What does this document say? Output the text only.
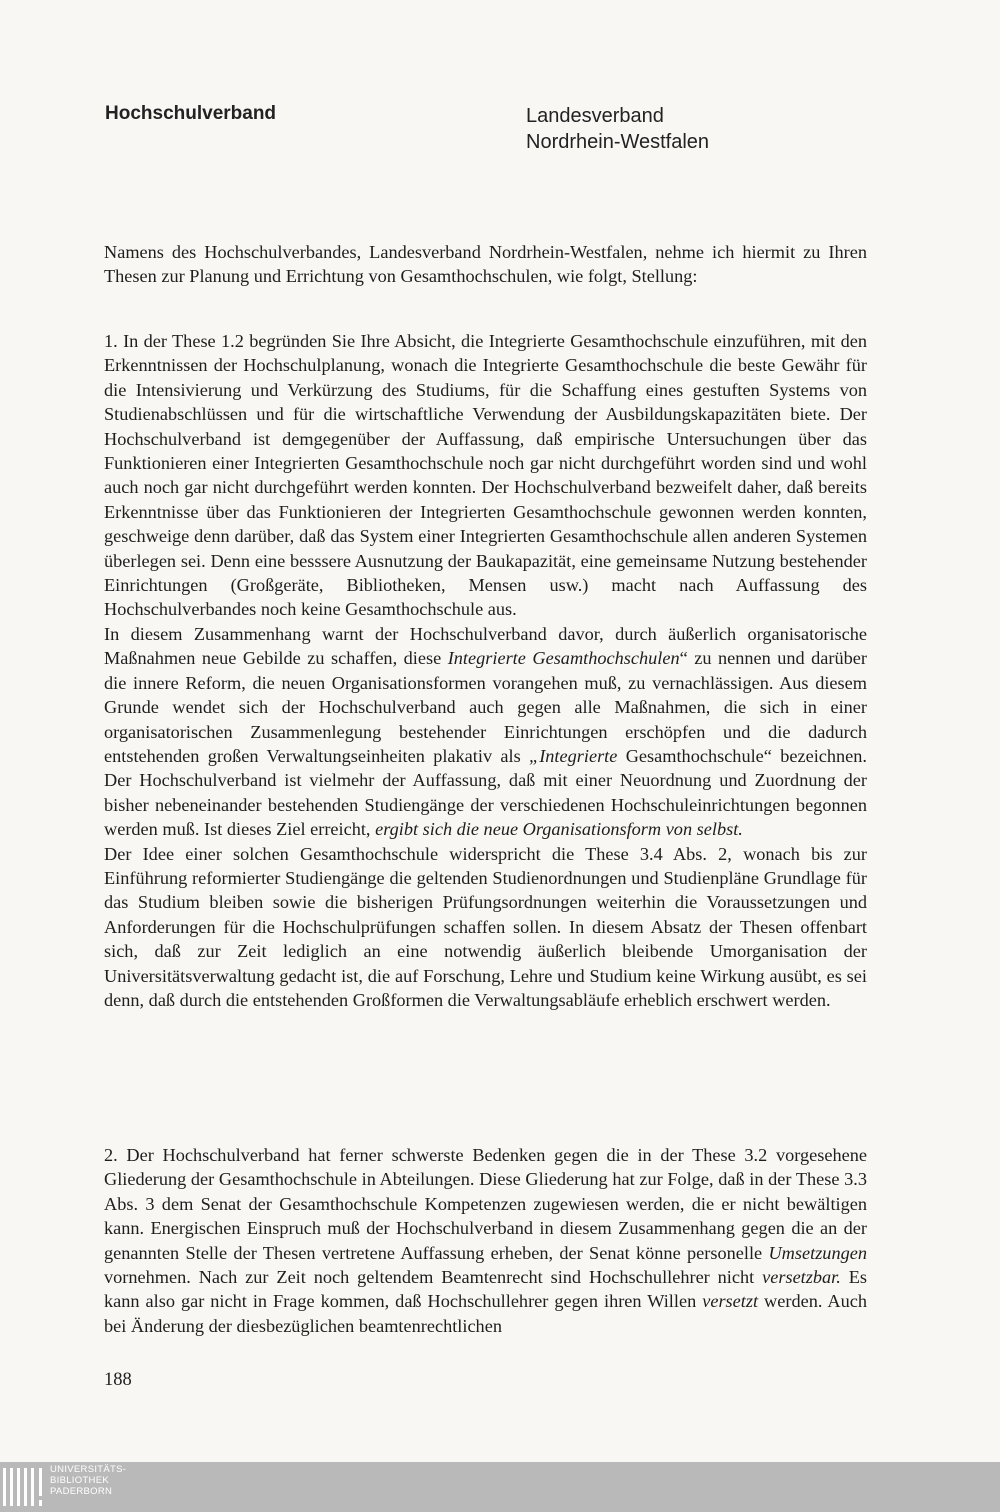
Hochschulverband	Landesverband
Nordrhein-Westfalen

Namens des Hochschulverbandes, Landesverband Nordrhein-Westfalen, nehme ich hiermit zu Ihren Thesen zur Planung und Errichtung von Gesamthochschulen, wie folgt, Stellung:

1. In der These 1.2 begründen Sie Ihre Absicht, die Integrierte Gesamthochschule einzuführen, mit den Erkenntnissen der Hochschulplanung, wonach die Integrierte Gesamthochschule die beste Gewähr für die Intensivierung und Verkürzung des Studiums, für die Schaffung eines gestuften Systems von Studienabschlüssen und für die wirtschaftliche Verwendung der Ausbildungskapazitäten biete. Der Hochschulverband ist demgegenüber der Auffassung, daß empirische Untersuchungen über das Funktionieren einer Integrierten Gesamthochschule noch gar nicht durchgeführt worden sind und wohl auch noch gar nicht durchgeführt werden konnten. Der Hochschulverband bezweifelt daher, daß bereits Erkenntnisse über das Funktionieren der Integrierten Gesamthochschule gewonnen werden konnten, geschweige denn darüber, daß das System einer Integrierten Gesamthochschule allen anderen Systemen überlegen sei. Denn eine besssere Ausnutzung der Baukapazität, eine gemeinsame Nutzung bestehender Einrichtungen (Großgeräte, Bibliotheken, Mensen usw.) macht nach Auffassung des Hochschulverbandes noch keine Gesamthochschule aus.

In diesem Zusammenhang warnt der Hochschulverband davor, durch äußerlich organisatorische Maßnahmen neue Gebilde zu schaffen, diese Integrierte Gesamthochschulen“ zu nennen und darüber die innere Reform, die neuen Organisationsformen vorangehen muß, zu vernachlässigen. Aus diesem Grunde wendet sich der Hochschulverband auch gegen alle Maßnahmen, die sich in einer organisatorischen Zusammenlegung bestehender Einrichtungen erschöpfen und die dadurch entstehenden großen Verwaltungseinheiten plakativ als „Integrierte Gesamthochschule“ bezeichnen. Der Hochschulverband ist vielmehr der Auffassung, daß mit einer Neuordnung und Zuordnung der bisher nebeneinander bestehenden Studiengänge der verschiedenen Hochschuleinrichtungen begonnen werden muß. Ist dieses Ziel erreicht, ergibt sich die neue Organisationsform von selbst.

Der Idee einer solchen Gesamthochschule widerspricht die These 3.4 Abs. 2, wonach bis zur Einführung reformierter Studiengänge die geltenden Studienordnungen und Studienpläne Grundlage für das Studium bleiben sowie die bisherigen Prüfungsordnungen weiterhin die Voraussetzungen und Anforderungen für die Hochschulprüfungen schaffen sollen. In diesem Absatz der Thesen offenbart sich, daß zur Zeit lediglich an eine notwendig äußerlich bleibende Umorganisation der Universitätsverwaltung gedacht ist, die auf Forschung, Lehre und Studium keine Wirkung ausübt, es sei denn, daß durch die entstehenden Großformen die Verwaltungsabläufe erheblich erschwert werden.

2. Der Hochschulverband hat ferner schwerste Bedenken gegen die in der These 3.2 vorgesehene Gliederung der Gesamthochschule in Abteilungen. Diese Gliederung hat zur Folge, daß in der These 3.3 Abs. 3 dem Senat der Gesamthochschule Kompetenzen zugewiesen werden, die er nicht bewältigen kann. Energischen Einspruch muß der Hochschulverband in diesem Zusammenhang gegen die an der genannten Stelle der Thesen vertretene Auffassung erheben, der Senat könne personelle Umsetzungen vornehmen. Nach zur Zeit noch geltendem Beamtenrecht sind Hochschullehrer nicht versetzbar. Es kann also gar nicht in Frage kommen, daß Hochschullehrer gegen ihren Willen versetzt werden. Auch bei Änderung der diesbezüglichen beamtenrechtlichen

188
UNIVERSITÄTS-
BIBLIOTHEK
PADERBORN
